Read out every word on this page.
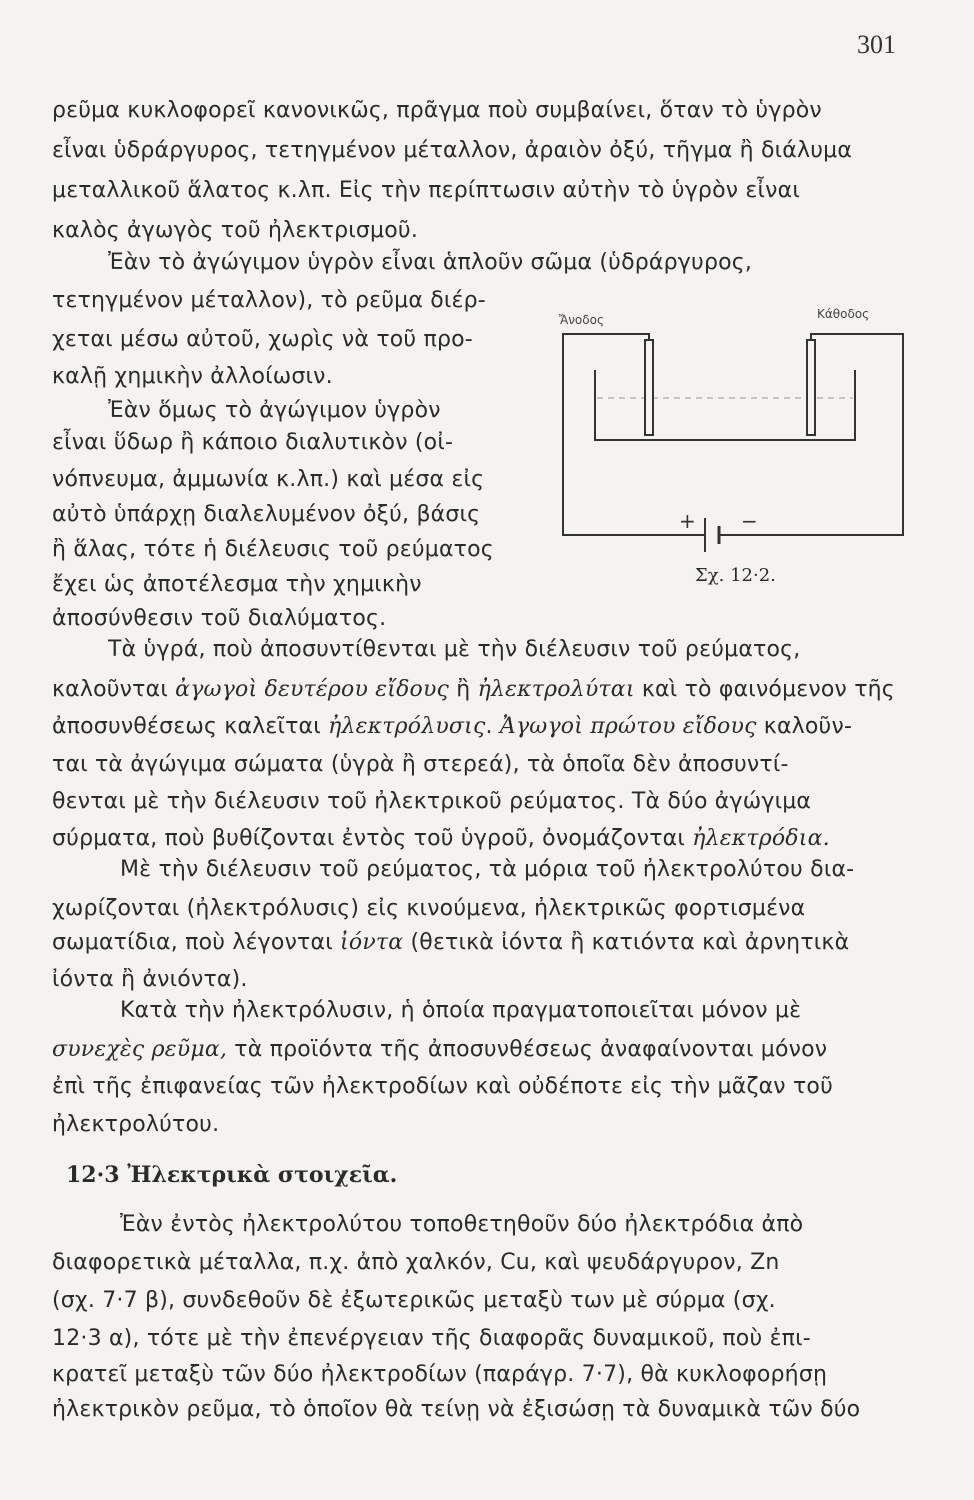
301
ρεῦμα κυκλοφορεῖ κανονικῶς, πρᾶγμα ποὺ συμβαίνει, ὅταν τὸ ὑγρὸν
εἶναι ὑδράργυρος, τετηγμένον μέταλλον, ἀραιὸν ὀξύ, τῆγμα ἢ διάλυμα
μεταλλικοῦ ἅλατος κ.λπ. Εἰς τὴν περίπτωσιν αὐτὴν τὸ ὑγρὸν εἶναι
καλὸς ἀγωγὸς τοῦ ἠλεκτρισμοῦ.
Ἐὰν τὸ ἀγώγιμον ὑγρὸν εἶναι ἁπλοῦν σῶμα (ὑδράργυρος,
τετηγμένον μέταλλον), τὸ ρεῦμα διέρ-
χεται μέσω αὐτοῦ, χωρὶς νὰ τοῦ προ-
καλῇ χημικὴν ἀλλοίωσιν.
Ἐὰν ὅμως τὸ ἀγώγιμον ὑγρὸν
εἶναι ὕδωρ ἢ κάποιο διαλυτικὸν (οἰ-
νόπνευμα, ἀμμωνία κ.λπ.) καὶ μέσα εἰς
αὐτὸ ὑπάρχῃ διαλελυμένον ὀξύ, βάσις
ἢ ἅλας, τότε ἡ διέλευσις τοῦ ρεύματος
ἔχει ὡς ἀποτέλεσμα τὴν χημικὴν
ἀποσύνθεσιν τοῦ διαλύματος.
Τὰ ὑγρά, ποὺ ἀποσυντίθενται μὲ τὴν διέλευσιν τοῦ ρεύματος,
καλοῦνται ἀγωγοὶ δευτέρου εἴδους ἢ ἠλεκτρολύται καὶ τὸ φαινόμενον τῆς
ἀποσυνθέσεως καλεῖται ἠλεκτρόλυσις. Ἀγωγοὶ πρώτου εἴδους καλοῦν-
ται τὰ ἀγώγιμα σώματα (ὑγρὰ ἢ στερεά), τὰ ὁποῖα δὲν ἀποσυντί-
θενται μὲ τὴν διέλευσιν τοῦ ἠλεκτρικοῦ ρεύματος. Τὰ δύο ἀγώγιμα
σύρματα, ποὺ βυθίζονται ἐντὸς τοῦ ὑγροῦ, ὀνομάζονται ἠλεκτρόδια.
Μὲ τὴν διέλευσιν τοῦ ρεύματος, τὰ μόρια τοῦ ἠλεκτρολύτου δια-
χωρίζονται (ἠλεκτρόλυσις) εἰς κινούμενα, ἠλεκτρικῶς φορτισμένα
σωματίδια, ποὺ λέγονται ἰόντα (θετικὰ ἰόντα ἢ κατιόντα καὶ ἀρνητικὰ
ἰόντα ἢ ἀνιόντα).
Κατὰ τὴν ἠλεκτρόλυσιν, ἡ ὁποία πραγματοποιεῖται μόνον μὲ
συνεχὲς ρεῦμα, τὰ προϊόντα τῆς ἀποσυνθέσεως ἀναφαίνονται μόνον
ἐπὶ τῆς ἐπιφανείας τῶν ἠλεκτροδίων καὶ οὐδέποτε εἰς τὴν μᾶζαν τοῦ
ἠλεκτρολύτου.
12·3 Ἠλεκτρικὰ στοιχεῖα.
Ἐὰν ἐντὸς ἠλεκτρολύτου τοποθετηθοῦν δύο ἠλεκτρόδια ἀπὸ
διαφορετικὰ μέταλλα, π.χ. ἀπὸ χαλκόν, Cu, καὶ ψευδάργυρον, Zn
(σχ. 7·7 β), συνδεθοῦν δὲ ἐξωτερικῶς μεταξὺ των μὲ σύρμα (σχ.
12·3 α), τότε μὲ τὴν ἐπενέργειαν τῆς διαφορᾶς δυναμικοῦ, ποὺ ἐπι-
κρατεῖ μεταξὺ τῶν δύο ἠλεκτροδίων (παράγρ. 7·7), θὰ κυκλοφορήσῃ
ἠλεκτρικὸν ρεῦμα, τὸ ὁποῖον θὰ τείνῃ νὰ ἐξισώσῃ τὰ δυναμικὰ τῶν δύο
Ἄνοδος	Κάθοδος
+ −
Σχ. 12·2.
